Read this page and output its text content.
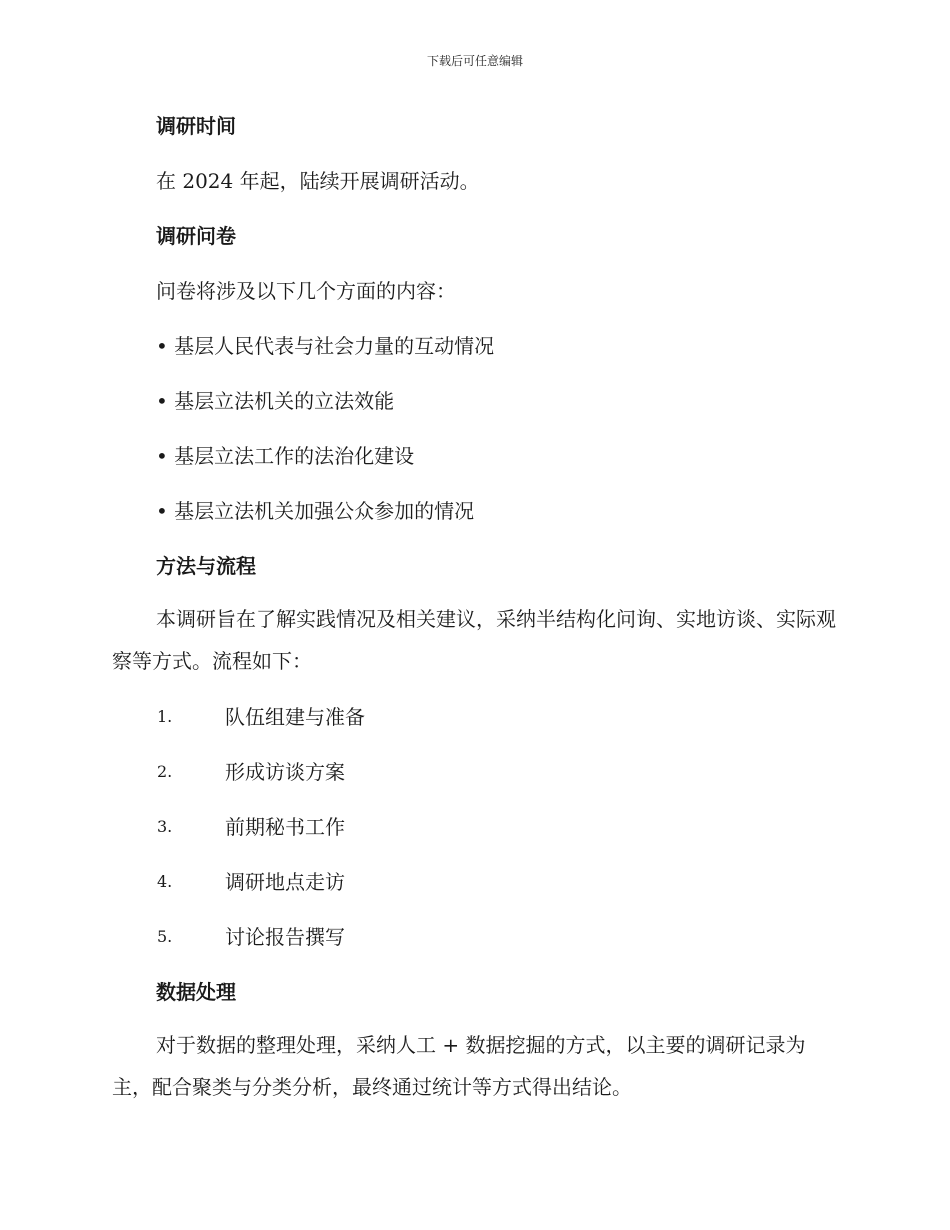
下载后可任意编辑
调研时间
在 2024 年起，陆续开展调研活动。
调研问卷
问卷将涉及以下几个方面的内容：
• 基层人民代表与社会力量的互动情况
• 基层立法机关的立法效能
• 基层立法工作的法治化建设
• 基层立法机关加强公众参加的情况
方法与流程
本调研旨在了解实践情况及相关建议，采纳半结构化问询、实地访谈、实际观察等方式。流程如下：
1.	队伍组建与准备
2.	形成访谈方案
3.	前期秘书工作
4.	调研地点走访
5.	讨论报告撰写
数据处理
对于数据的整理处理，采纳人工 + 数据挖掘的方式，以主要的调研记录为主，配合聚类与分类分析，最终通过统计等方式得出结论。
